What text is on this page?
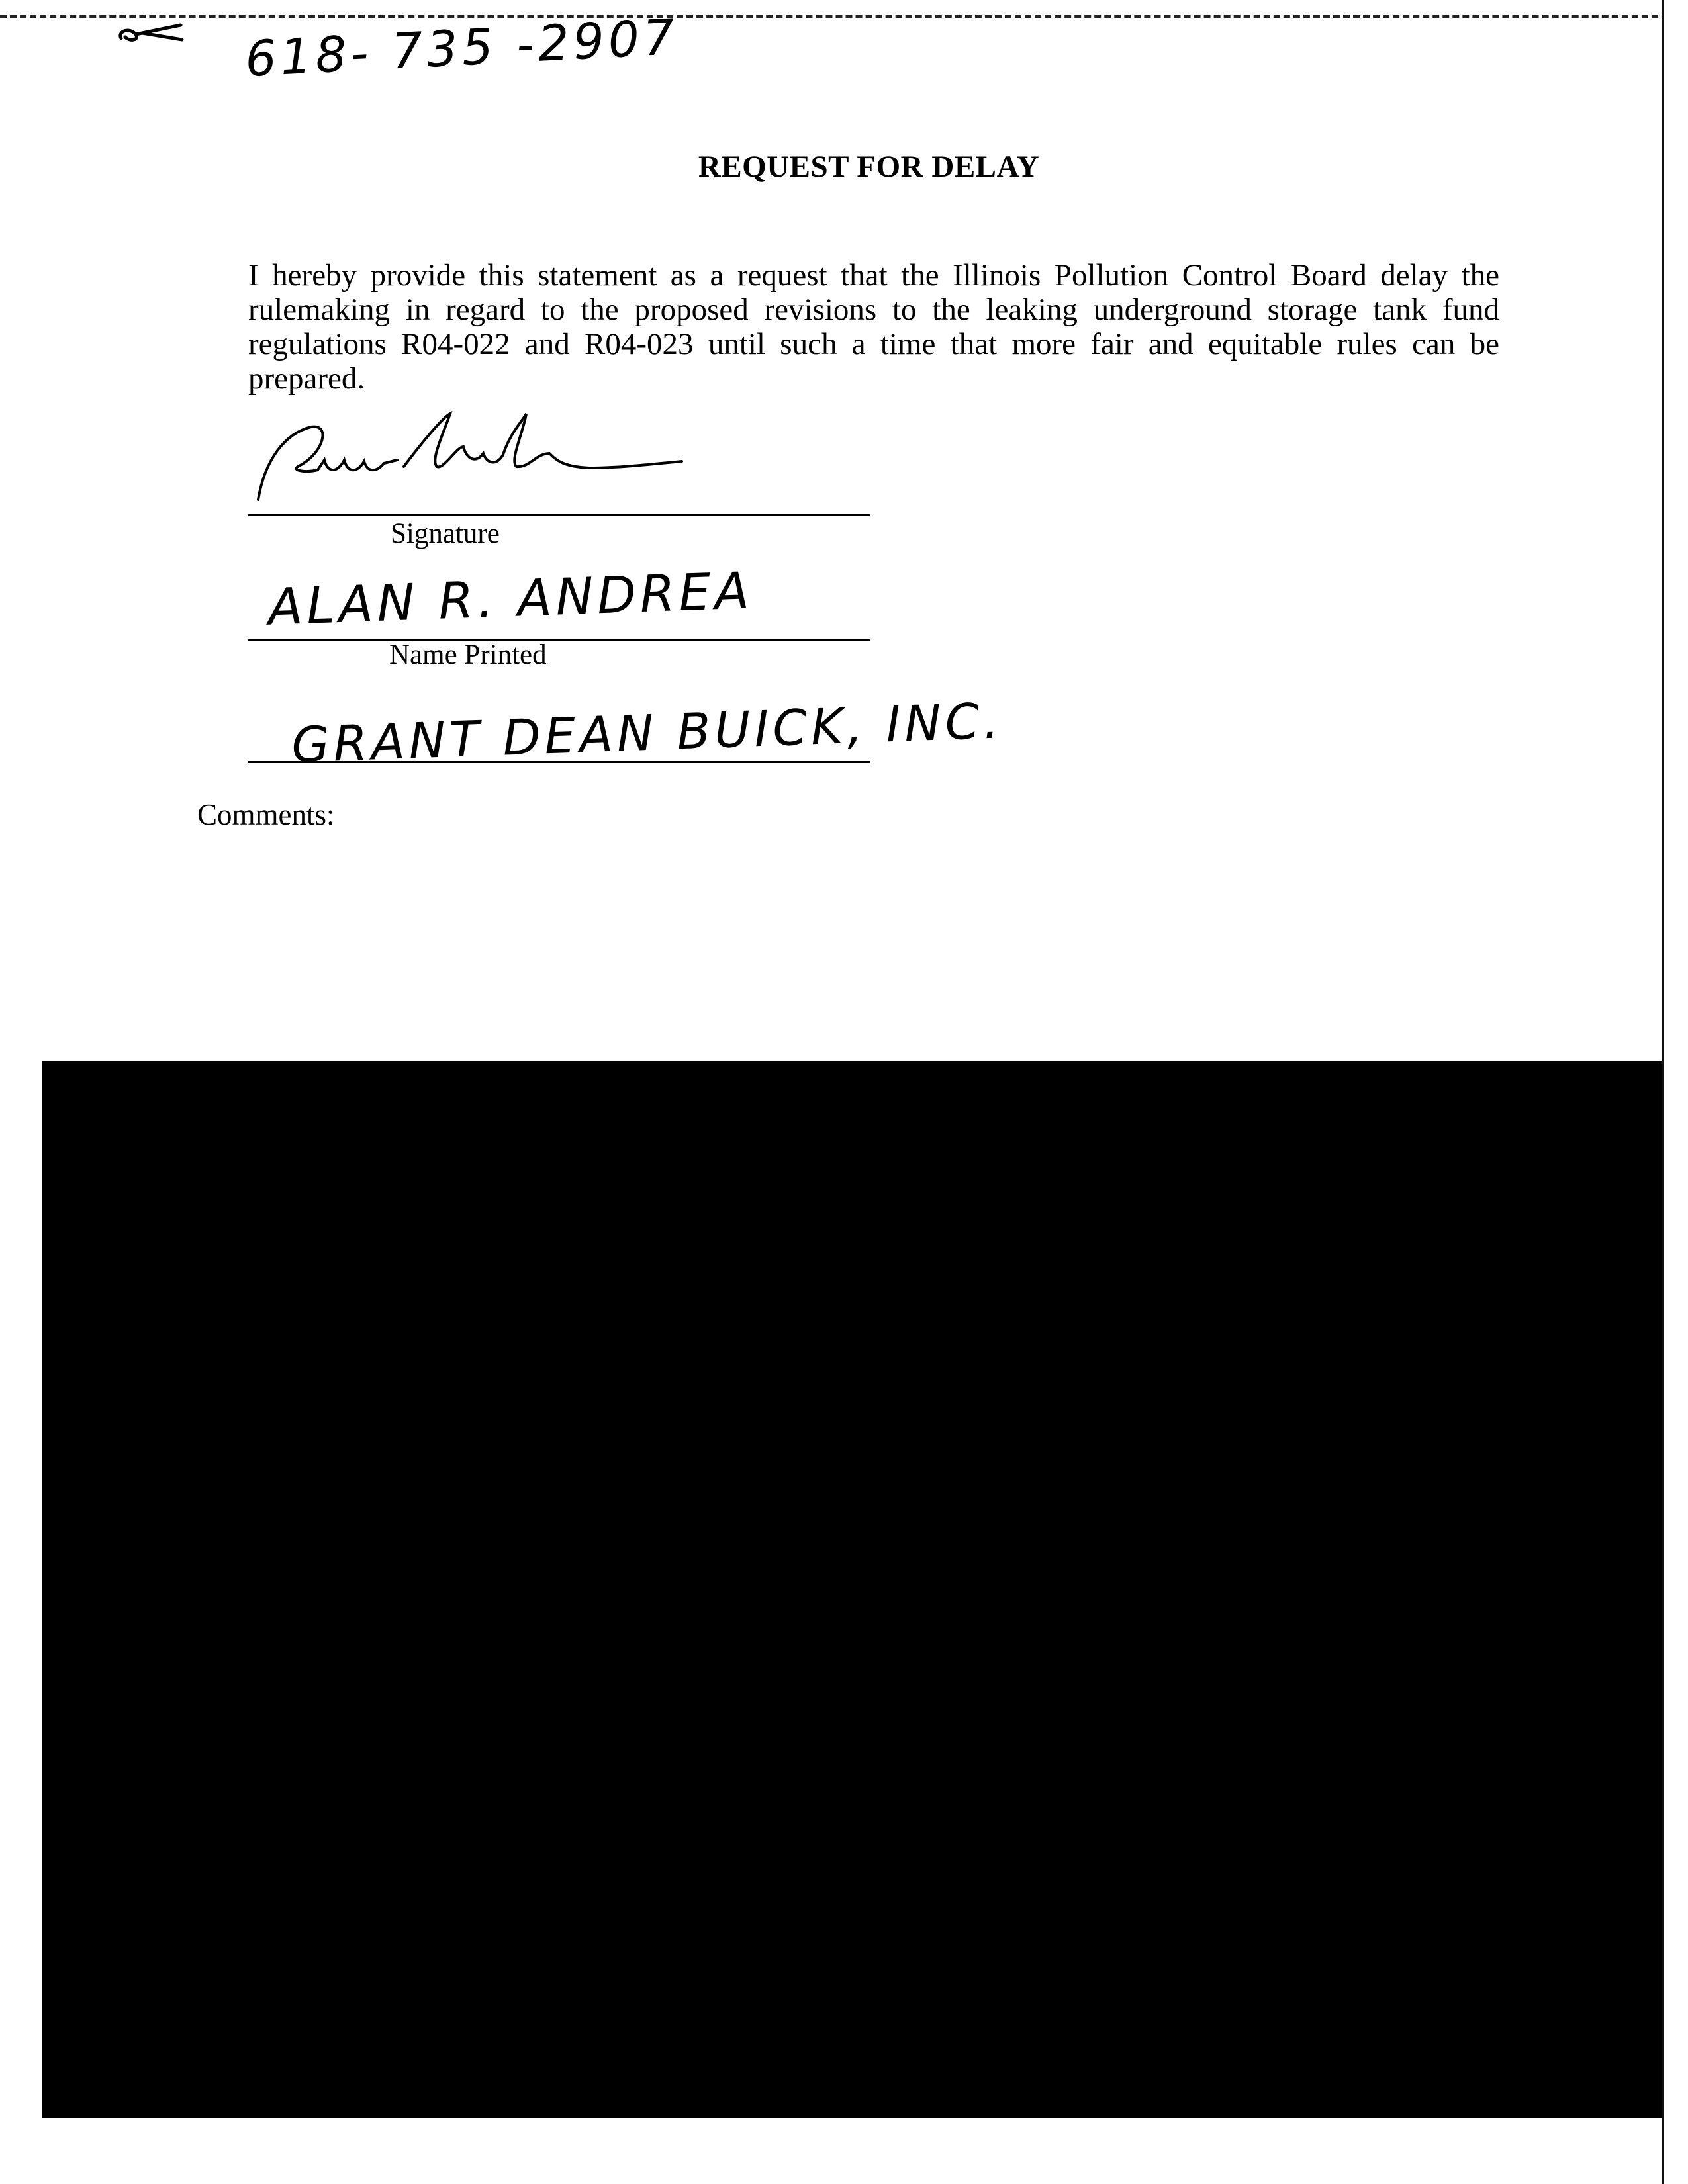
618- 735 -2907
REQUEST FOR DELAY
I hereby provide this statement as a request that the Illinois Pollution Control Board delay the rulemaking in regard to the proposed revisions to the leaking underground storage tank fund regulations R04-022 and R04-023 until such a time that more fair and equitable rules can be prepared.
Signature
ALAN R. ANDREA
Name Printed
GRANT DEAN BUICK, INC.
Comments:
